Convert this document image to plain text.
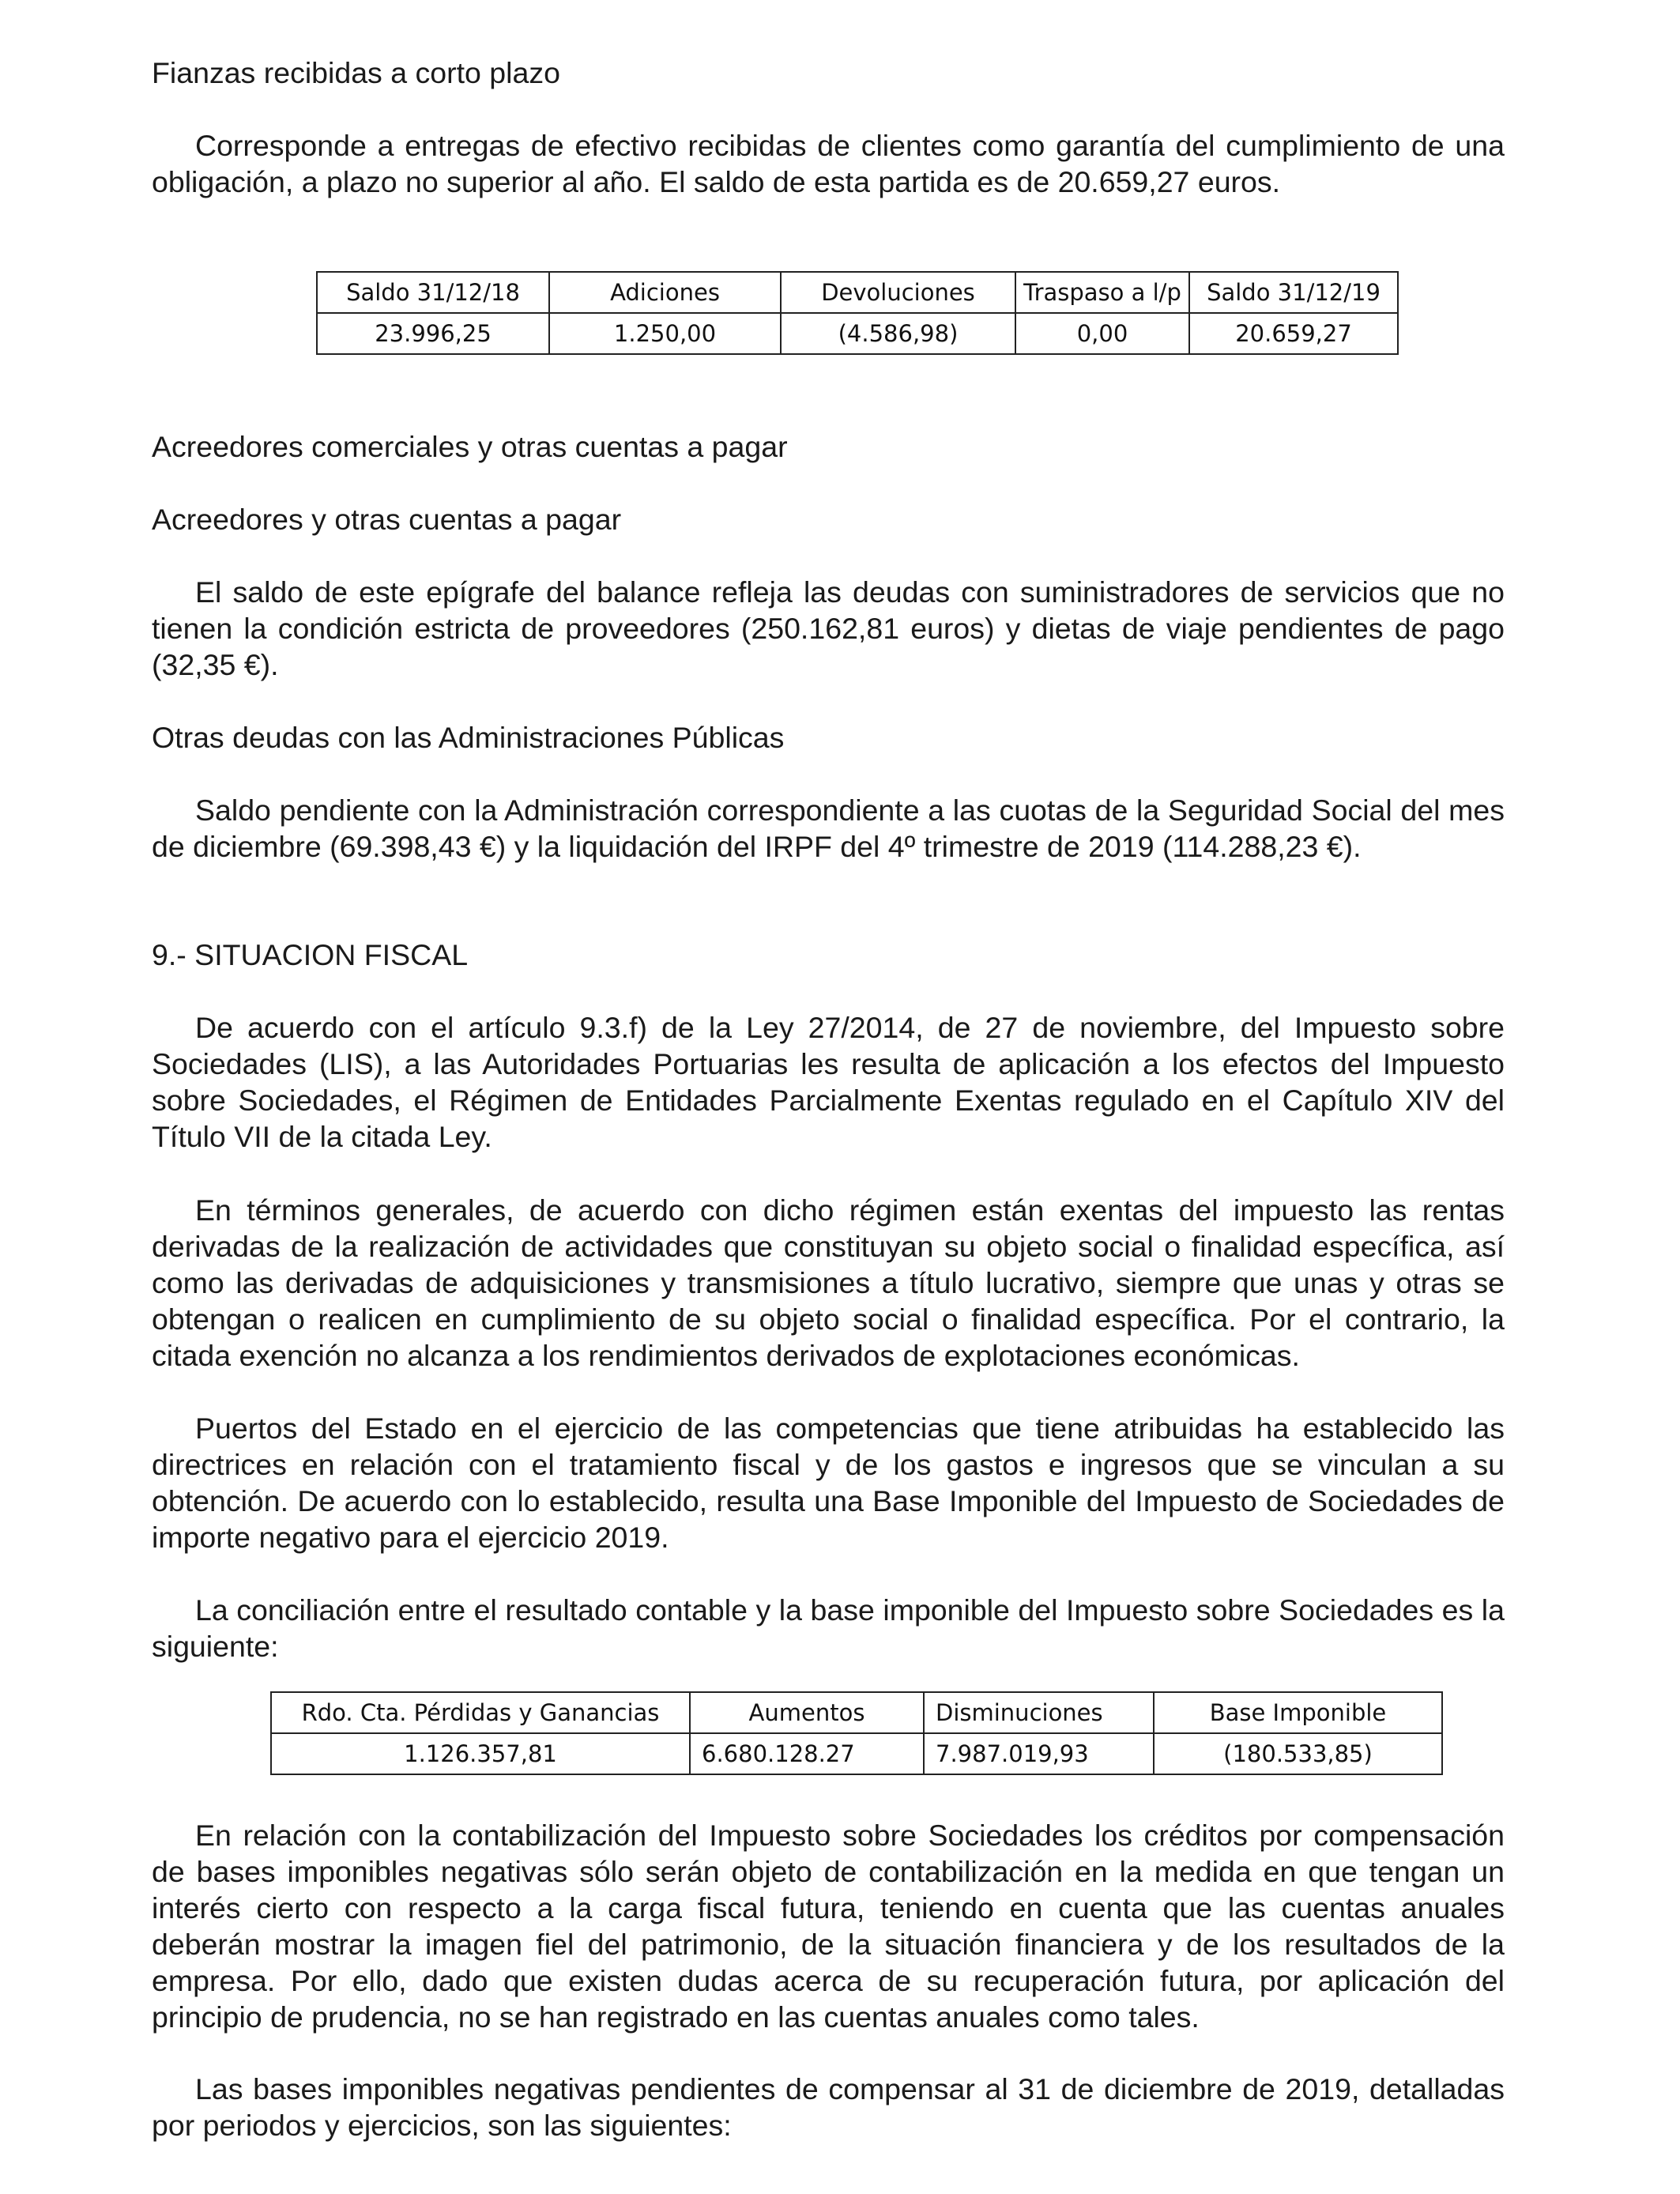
Fianzas recibidas a corto plazo

Corresponde a entregas de efectivo recibidas de clientes como garantía del cumplimiento de una obligación, a plazo no superior al año. El saldo de esta partida es de 20.659,27 euros.

Saldo 31/12/18	Adiciones	Devoluciones	Traspaso a l/p	Saldo 31/12/19
23.996,25	1.250,00	(4.586,98)	0,00	20.659,27

Acreedores comerciales y otras cuentas a pagar

Acreedores y otras cuentas a pagar

El saldo de este epígrafe del balance refleja las deudas con suministradores de servicios que no tienen la condición estricta de proveedores (250.162,81 euros) y dietas de viaje pendientes de pago (32,35 €).

Otras deudas con las Administraciones Públicas

Saldo pendiente con la Administración correspondiente a las cuotas de la Seguridad Social del mes de diciembre (69.398,43 €) y la liquidación del IRPF del 4º trimestre de 2019 (114.288,23 €).

9.- SITUACION FISCAL

De acuerdo con el artículo 9.3.f) de la Ley 27/2014, de 27 de noviembre, del Impuesto sobre Sociedades (LIS), a las Autoridades Portuarias les resulta de aplicación a los efectos del Impuesto sobre Sociedades, el Régimen de Entidades Parcialmente Exentas regulado en el Capítulo XIV del Título VII de la citada Ley.

En términos generales, de acuerdo con dicho régimen están exentas del impuesto las rentas derivadas de la realización de actividades que constituyan su objeto social o finalidad específica, así como las derivadas de adquisiciones y transmisiones a título lucrativo, siempre que unas y otras se obtengan o realicen en cumplimiento de su objeto social o finalidad específica. Por el contrario, la citada exención no alcanza a los rendimientos derivados de explotaciones económicas.

Puertos del Estado en el ejercicio de las competencias que tiene atribuidas ha establecido las directrices en relación con el tratamiento fiscal y de los gastos e ingresos que se vinculan a su obtención. De acuerdo con lo establecido, resulta una Base Imponible del Impuesto de Sociedades de importe negativo para el ejercicio 2019.

La conciliación entre el resultado contable y la base imponible del Impuesto sobre Sociedades es la siguiente:

Rdo. Cta. Pérdidas y Ganancias	Aumentos	Disminuciones	Base Imponible
1.126.357,81	6.680.128.27	7.987.019,93	(180.533,85)

En relación con la contabilización del Impuesto sobre Sociedades los créditos por compensación de bases imponibles negativas sólo serán objeto de contabilización en la medida en que tengan un interés cierto con respecto a la carga fiscal futura, teniendo en cuenta que las cuentas anuales deberán mostrar la imagen fiel del patrimonio, de la situación financiera y de los resultados de la empresa. Por ello, dado que existen dudas acerca de su recuperación futura, por aplicación del principio de prudencia, no se han registrado en las cuentas anuales como tales.

Las bases imponibles negativas pendientes de compensar al 31 de diciembre de 2019, detalladas por periodos y ejercicios, son las siguientes:
